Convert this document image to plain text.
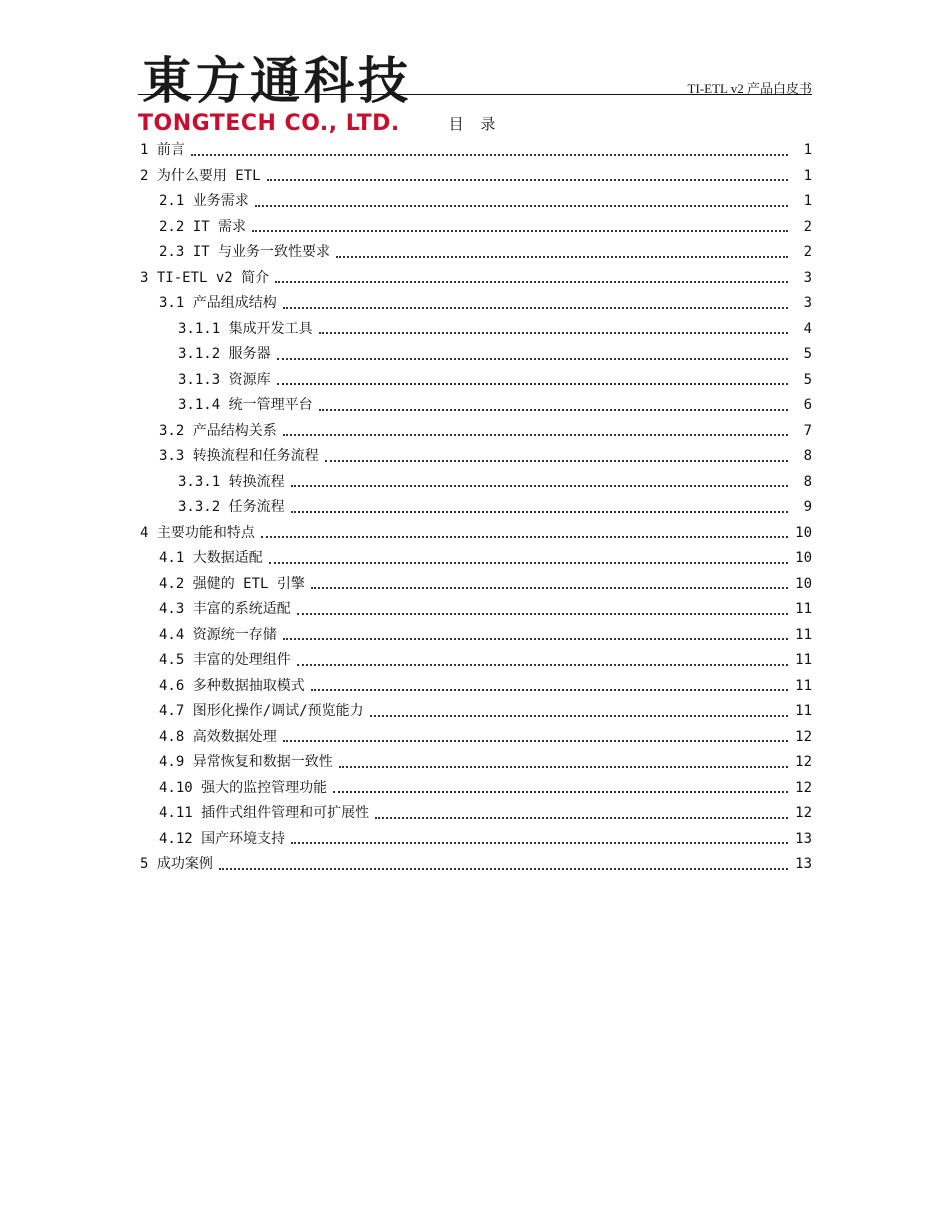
東方通科技
TONGTECH CO., LTD.
TI-ETL v2 产品白皮书
目 录
1 前言	1
2 为什么要用 ETL	1
2.1 业务需求	1
2.2 IT 需求	2
2.3 IT 与业务一致性要求	2
3 TI-ETL v2 简介	3
3.1 产品组成结构	3
3.1.1 集成开发工具	4
3.1.2 服务器	5
3.1.3 资源库	5
3.1.4 统一管理平台	6
3.2 产品结构关系	7
3.3 转换流程和任务流程	8
3.3.1 转换流程	8
3.3.2 任务流程	9
4 主要功能和特点	10
4.1 大数据适配	10
4.2 强健的 ETL 引擎	10
4.3 丰富的系统适配	11
4.4 资源统一存储	11
4.5 丰富的处理组件	11
4.6 多种数据抽取模式	11
4.7 图形化操作/调试/预览能力	11
4.8 高效数据处理	12
4.9 异常恢复和数据一致性	12
4.10 强大的监控管理功能	12
4.11 插件式组件管理和可扩展性	12
4.12 国产环境支持	13
5 成功案例	13
